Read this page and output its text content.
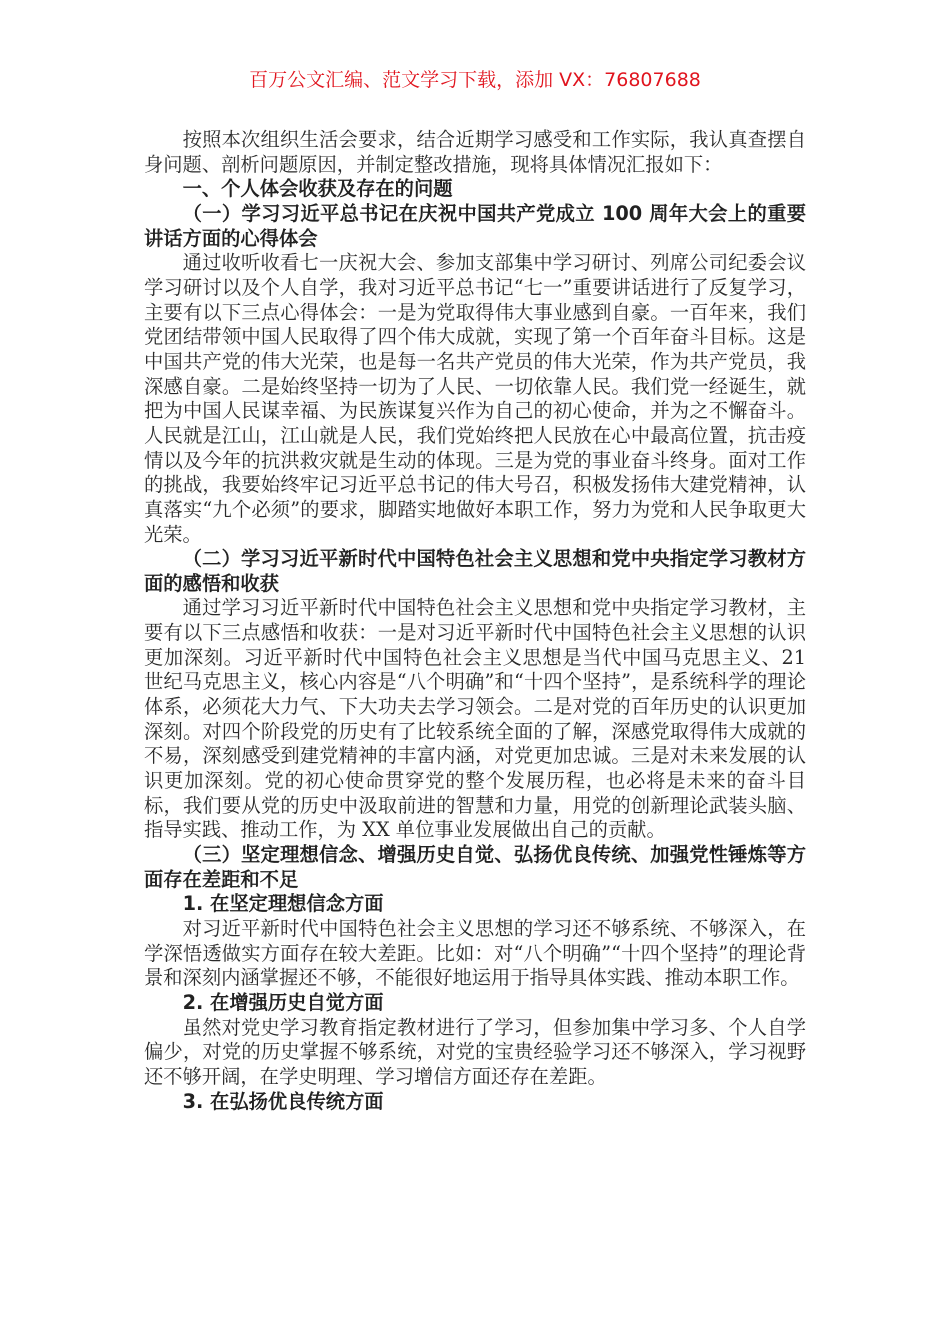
百万公文汇编、范文学习下载，添加 VX：76807688

按照本次组织生活会要求，结合近期学习感受和工作实际，我认真查摆自身问题、剖析问题原因，并制定整改措施，现将具体情况汇报如下：

一、个人体会收获及存在的问题

（一）学习习近平总书记在庆祝中国共产党成立 100 周年大会上的重要讲话方面的心得体会

通过收听收看七一庆祝大会、参加支部集中学习研讨、列席公司纪委会议学习研讨以及个人自学，我对习近平总书记“七一”重要讲话进行了反复学习，主要有以下三点心得体会：一是为党取得伟大事业感到自豪。一百年来，我们党团结带领中国人民取得了四个伟大成就，实现了第一个百年奋斗目标。这是中国共产党的伟大光荣，也是每一名共产党员的伟大光荣，作为共产党员，我深感自豪。二是始终坚持一切为了人民、一切依靠人民。我们党一经诞生，就把为中国人民谋幸福、为民族谋复兴作为自己的初心使命，并为之不懈奋斗。人民就是江山，江山就是人民，我们党始终把人民放在心中最高位置，抗击疫情以及今年的抗洪救灾就是生动的体现。三是为党的事业奋斗终身。面对工作的挑战，我要始终牢记习近平总书记的伟大号召，积极发扬伟大建党精神，认真落实“九个必须”的要求，脚踏实地做好本职工作，努力为党和人民争取更大光荣。

（二）学习习近平新时代中国特色社会主义思想和党中央指定学习教材方面的感悟和收获

通过学习习近平新时代中国特色社会主义思想和党中央指定学习教材，主要有以下三点感悟和收获：一是对习近平新时代中国特色社会主义思想的认识更加深刻。习近平新时代中国特色社会主义思想是当代中国马克思主义、21 世纪马克思主义，核心内容是“八个明确”和“十四个坚持”，是系统科学的理论体系，必须花大力气、下大功夫去学习领会。二是对党的百年历史的认识更加深刻。对四个阶段党的历史有了比较系统全面的了解，深感党取得伟大成就的不易，深刻感受到建党精神的丰富内涵，对党更加忠诚。三是对未来发展的认识更加深刻。党的初心使命贯穿党的整个发展历程，也必将是未来的奋斗目标，我们要从党的历史中汲取前进的智慧和力量，用党的创新理论武装头脑、指导实践、推动工作，为 XX 单位事业发展做出自己的贡献。

（三）坚定理想信念、增强历史自觉、弘扬优良传统、加强党性锤炼等方面存在差距和不足

1. 在坚定理想信念方面

对习近平新时代中国特色社会主义思想的学习还不够系统、不够深入，在学深悟透做实方面存在较大差距。比如：对“八个明确”“十四个坚持”的理论背景和深刻内涵掌握还不够，不能很好地运用于指导具体实践、推动本职工作。

2. 在增强历史自觉方面

虽然对党史学习教育指定教材进行了学习，但参加集中学习多、个人自学偏少，对党的历史掌握不够系统，对党的宝贵经验学习还不够深入，学习视野还不够开阔，在学史明理、学习增信方面还存在差距。

3. 在弘扬优良传统方面
